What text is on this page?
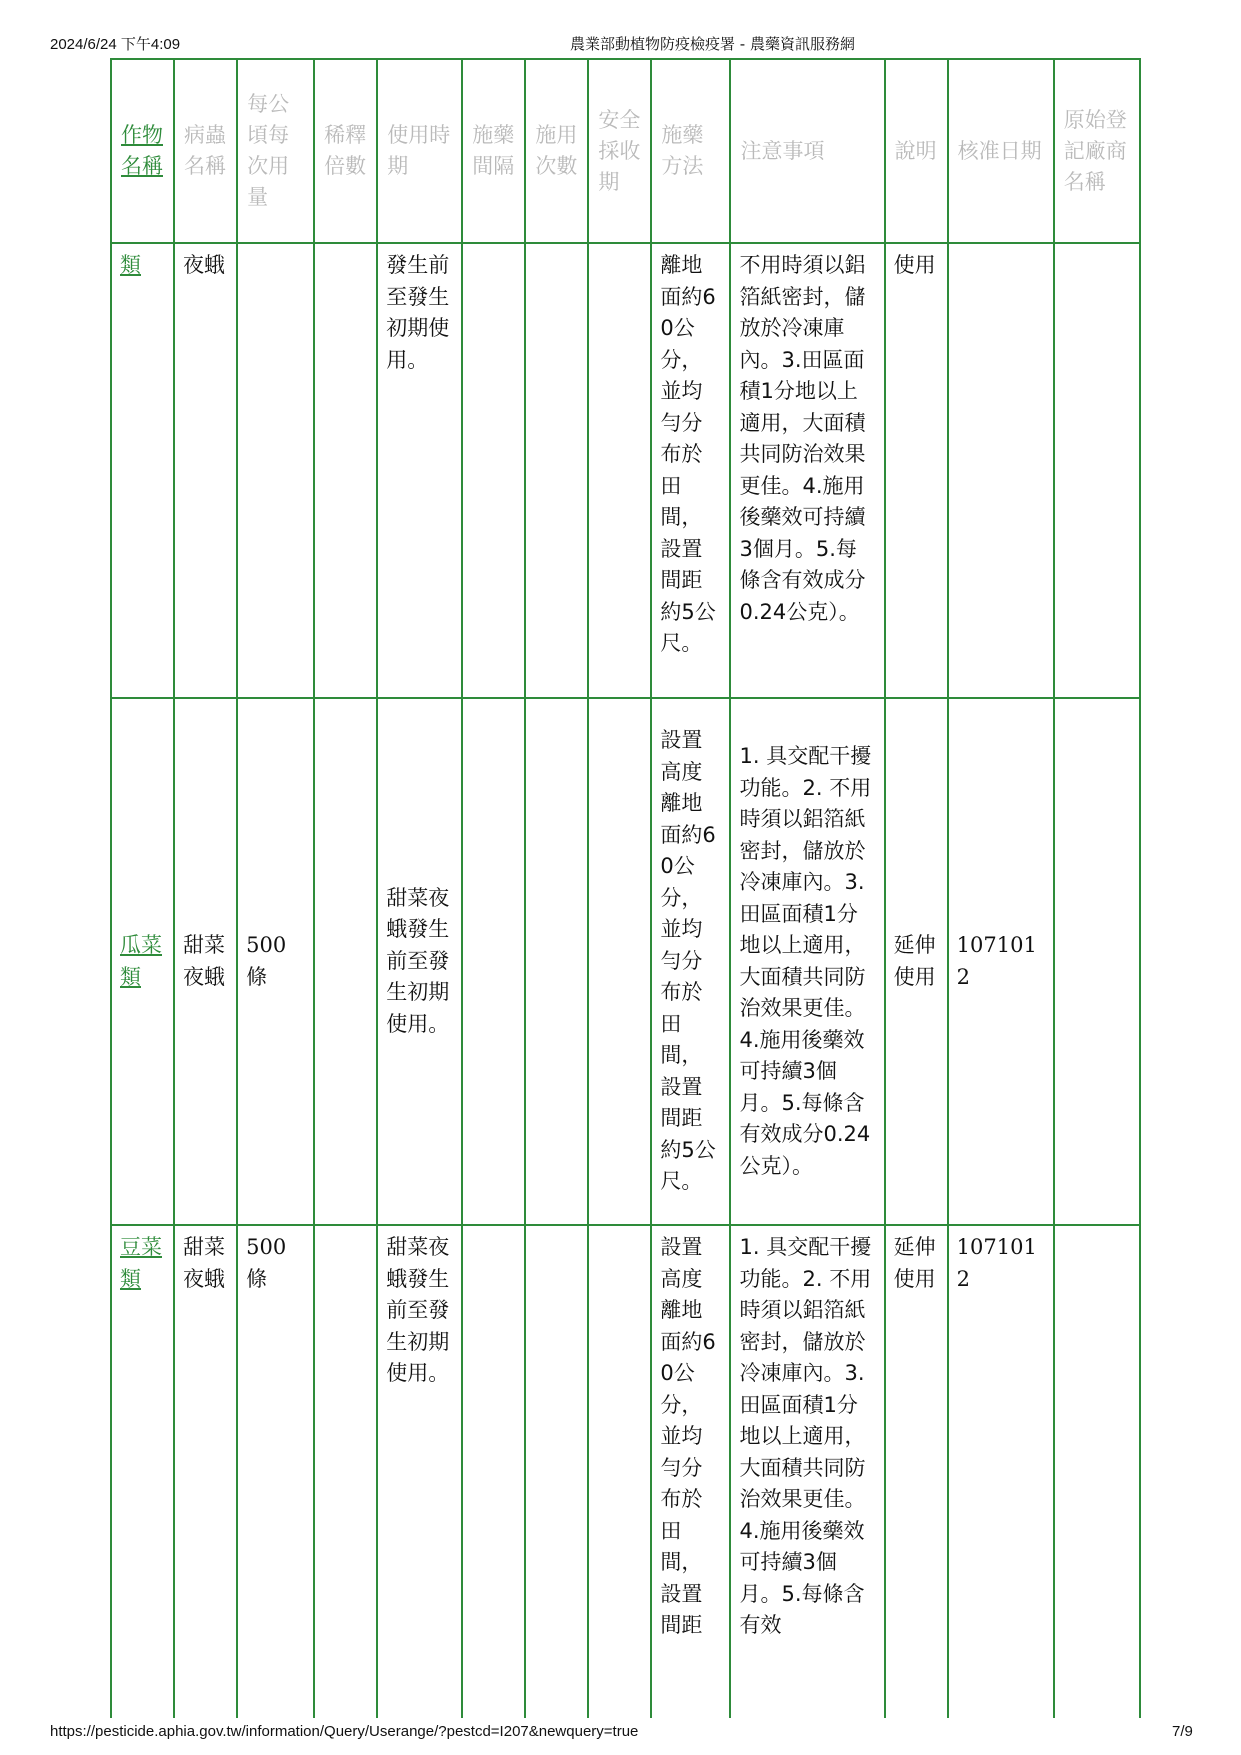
2024/6/24 下午4:09	農業部動植物防疫檢疫署 - 農藥資訊服務網
作物名稱	病蟲名稱	每公頃每次用量	稀釋倍數	使用時期	施藥間隔	施用次數	安全採收期	施藥方法	注意事項	說明	核准日期	原始登記廠商名稱
類	夜蛾			發生前至發生初期使用。				離地面約60公分，並均勻分布於田間，設置間距約5公尺。	不用時須以鋁箔紙密封，儲放於冷凍庫內。3.田區面積1分地以上適用，大面積共同防治效果更佳。4.施用後藥效可持續3個月。5.每條含有效成分0.24公克）。	使用		
瓜菜類	甜菜夜蛾	500條		甜菜夜蛾發生前至發生初期使用。				設置高度離地面約60公分，並均勻分布於田間，設置間距約5公尺。	1. 具交配干擾功能。2. 不用時須以鋁箔紙密封，儲放於冷凍庫內。3.田區面積1分地以上適用，大面積共同防治效果更佳。4.施用後藥效可持續3個月。5.每條含有效成分0.24公克）。	延伸使用	1071012	
豆菜類	甜菜夜蛾	500條		甜菜夜蛾發生前至發生初期使用。				設置高度離地面約60公分，並均勻分布於田間，設置間距	1. 具交配干擾功能。2. 不用時須以鋁箔紙密封，儲放於冷凍庫內。3.田區面積1分地以上適用，大面積共同防治效果更佳。4.施用後藥效可持續3個月。5.每條含有效	延伸使用	1071012	
https://pesticide.aphia.gov.tw/information/Query/Userange/?pestcd=I207&newquery=true	7/9
